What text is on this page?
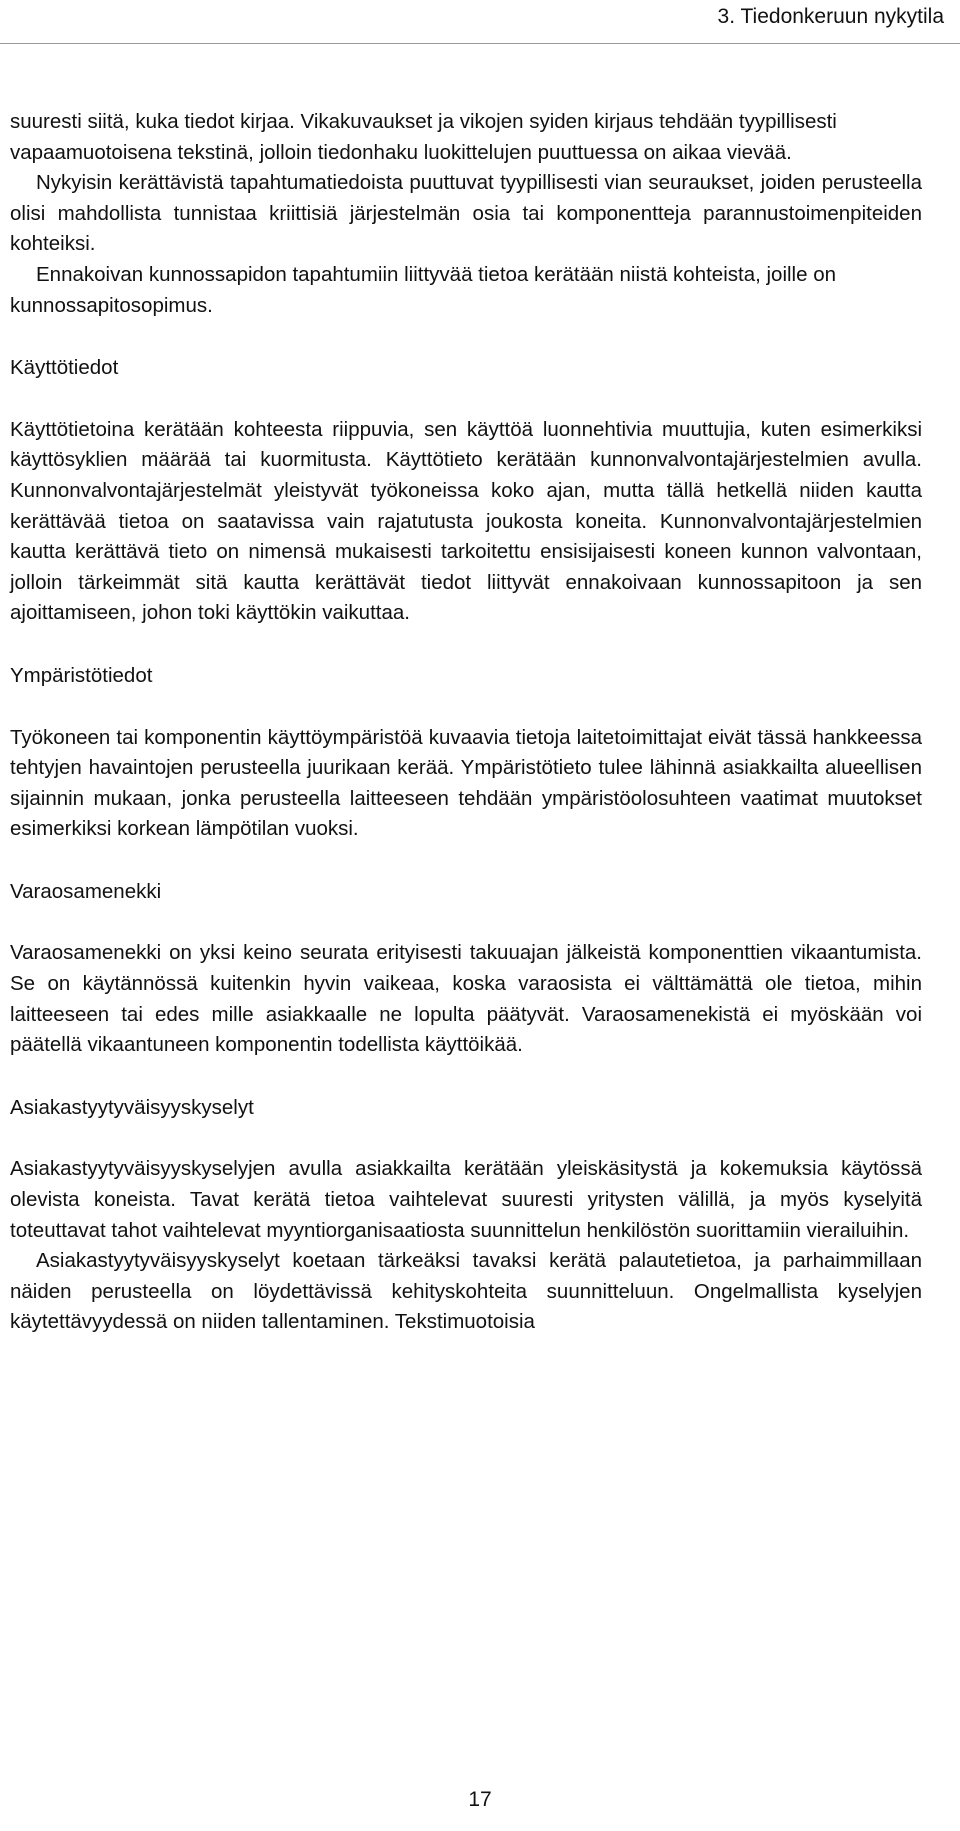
3. Tiedonkeruun nykytila

suuresti siitä, kuka tiedot kirjaa. Vikakuvaukset ja vikojen syiden kirjaus tehdään tyypillisesti vapaamuotoisena tekstinä, jolloin tiedonhaku luokittelujen puuttuessa on aikaa vievää.

Nykyisin kerättävistä tapahtumatiedoista puuttuvat tyypillisesti vian seuraukset, joiden perusteella olisi mahdollista tunnistaa kriittisiä järjestelmän osia tai komponentteja parannustoimenpiteiden kohteiksi.

Ennakoivan kunnossapidon tapahtumiin liittyvää tietoa kerätään niistä kohteista, joille on kunnossapitosopimus.

Käyttötiedot

Käyttötietoina kerätään kohteesta riippuvia, sen käyttöä luonnehtivia muuttujia, kuten esimerkiksi käyttösyklien määrää tai kuormitusta. Käyttötieto kerätään kunnonvalvontajärjestelmien avulla. Kunnonvalvontajärjestelmät yleistyvät työkoneissa koko ajan, mutta tällä hetkellä niiden kautta kerättävää tietoa on saatavissa vain rajatutusta joukosta koneita. Kunnonvalvontajärjestelmien kautta kerättävä tieto on nimensä mukaisesti tarkoitettu ensisijaisesti koneen kunnon valvontaan, jolloin tärkeimmät sitä kautta kerättävät tiedot liittyvät ennakoivaan kunnossapitoon ja sen ajoittamiseen, johon toki käyttökin vaikuttaa.

Ympäristötiedot

Työkoneen tai komponentin käyttöympäristöä kuvaavia tietoja laitetoimittajat eivät tässä hankkeessa tehtyjen havaintojen perusteella juurikaan kerää. Ympäristötieto tulee lähinnä asiakkailta alueellisen sijainnin mukaan, jonka perusteella laitteeseen tehdään ympäristöolosuhteen vaatimat muutokset esimerkiksi korkean lämpötilan vuoksi.

Varaosamenekki

Varaosamenekki on yksi keino seurata erityisesti takuuajan jälkeistä komponenttien vikaantumista. Se on käytännössä kuitenkin hyvin vaikeaa, koska varaosista ei välttämättä ole tietoa, mihin laitteeseen tai edes mille asiakkaalle ne lopulta päätyvät. Varaosamenekistä ei myöskään voi päätellä vikaantuneen komponentin todellista käyttöikää.

Asiakastyytyväisyyskyselyt

Asiakastyytyväisyyskyselyjen avulla asiakkailta kerätään yleiskäsitystä ja kokemuksia käytössä olevista koneista. Tavat kerätä tietoa vaihtelevat suuresti yritysten välillä, ja myös kyselyitä toteuttavat tahot vaihtelevat myyntiorganisaatiosta suunnittelun henkilöstön suorittamiin vierailuihin.

Asiakastyytyväisyyskyselyt koetaan tärkeäksi tavaksi kerätä palautetietoa, ja parhaimmillaan näiden perusteella on löydettävissä kehityskohteita suunnitteluun. Ongelmallista kyselyjen käytettävyydessä on niiden tallentaminen. Tekstimuotoisia

17
